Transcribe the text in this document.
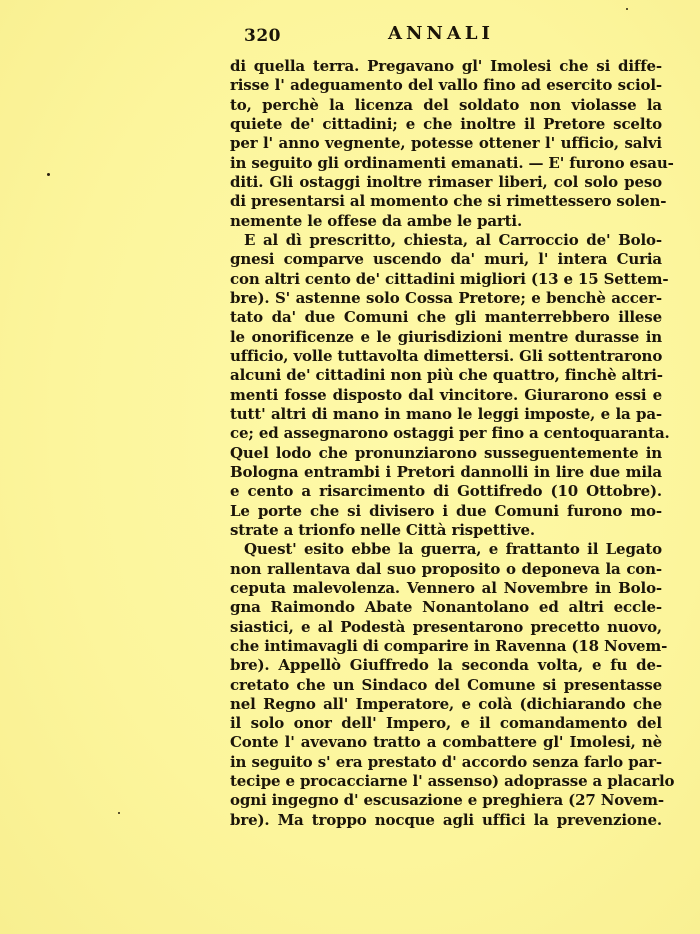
320	ANNALI
di quella terra. Pregavano gl' Imolesi che si diffe-
risse l' adeguamento del vallo fino ad esercito sciol-
to, perchè la licenza del soldato non violasse la
quiete de' cittadini; e che inoltre il Pretore scelto
per l' anno vegnente, potesse ottener l' ufficio, salvi
in seguito gli ordinamenti emanati. — E' furono esau-
diti. Gli ostaggi inoltre rimaser liberi, col solo peso
di presentarsi al momento che si rimettessero solen-
nemente le offese da ambe le parti.
E al dì prescritto, chiesta, al Carroccio de' Bolo-
gnesi comparve uscendo da' muri, l' intera Curia
con altri cento de' cittadini migliori (13 e 15 Settem-
bre). S' astenne solo Cossa Pretore; e benchè accer-
tato da' due Comuni che gli manterrebbero illese
le onorificenze e le giurisdizioni mentre durasse in
ufficio, volle tuttavolta dimettersi. Gli sottentrarono
alcuni de' cittadini non più che quattro, finchè altri-
menti fosse disposto dal vincitore. Giurarono essi e
tutt' altri di mano in mano le leggi imposte, e la pa-
ce; ed assegnarono ostaggi per fino a centoquaranta.
Quel lodo che pronunziarono susseguentemente in
Bologna entrambi i Pretori dannolli in lire due mila
e cento a risarcimento di Gottifredo (10 Ottobre).
Le porte che si divisero i due Comuni furono mo-
strate a trionfo nelle Città rispettive.
Quest' esito ebbe la guerra, e frattanto il Legato
non rallentava dal suo proposito o deponeva la con-
ceputa malevolenza. Vennero al Novembre in Bolo-
gna Raimondo Abate Nonantolano ed altri eccle-
siastici, e al Podestà presentarono precetto nuovo,
che intimavagli di comparire in Ravenna (18 Novem-
bre). Appellò Giuffredo la seconda volta, e fu de-
cretato che un Sindaco del Comune si presentasse
nel Regno all' Imperatore, e colà (dichiarando che
il solo onor dell' Impero, e il comandamento del
Conte l' avevano tratto a combattere gl' Imolesi, nè
in seguito s' era prestato d' accordo senza farlo par-
tecipe e procacciarne l' assenso) adoprasse a placarlo
ogni ingegno d' escusazione e preghiera (27 Novem-
bre). Ma troppo nocque agli uffici la prevenzione.
